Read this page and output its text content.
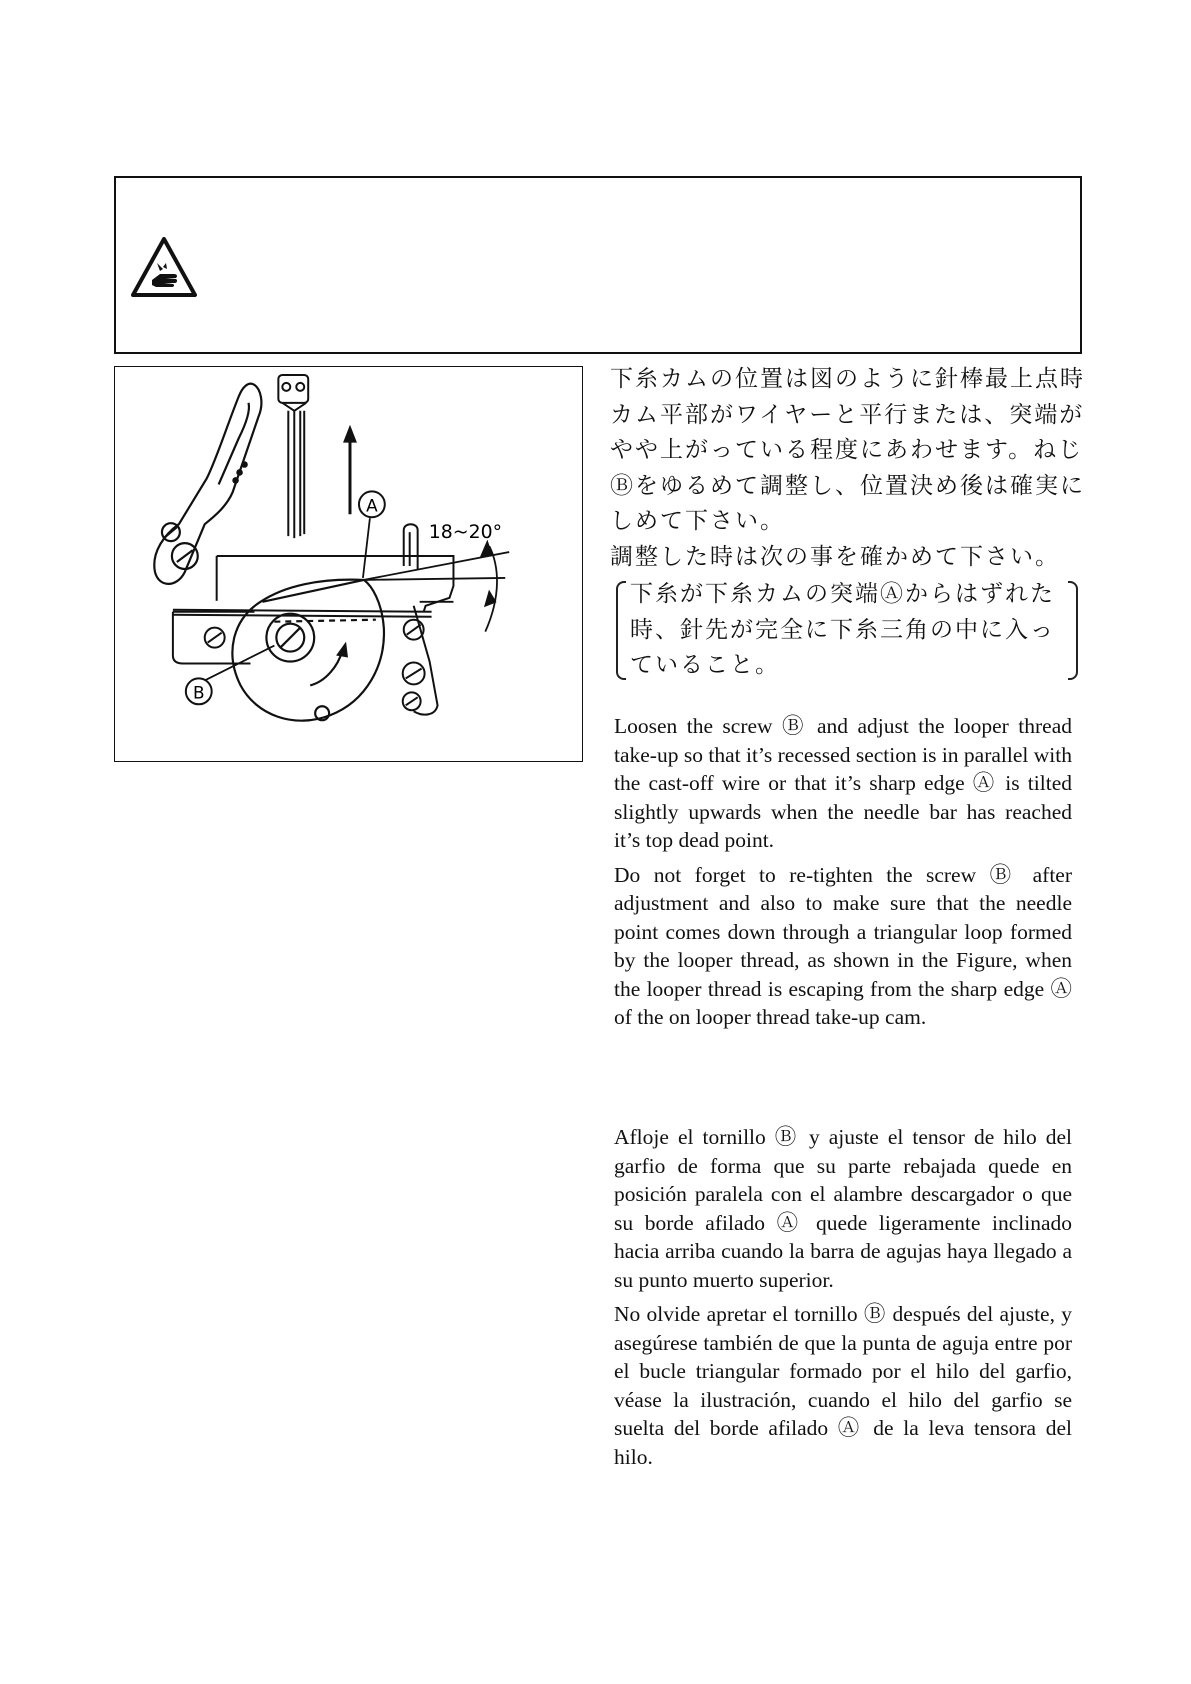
A
B
18~20°

下糸カムの位置は図のように針棒最上点時カム平部がワイヤーと平行または、突端がやや上がっている程度にあわせます。ねじⒷをゆるめて調整し、位置決め後は確実にしめて下さい。

調整した時は次の事を確かめて下さい。

下糸が下糸カムの突端Ⓐからはずれた時、針先が完全に下糸三角の中に入っていること。

Loosen the screw Ⓑ and adjust the looper thread take-up so that it’s recessed section is in parallel with the cast-off wire or that it’s sharp edge Ⓐ is tilted slightly upwards when the needle bar has reached it’s top dead point.

Do not forget to re-tighten the screw Ⓑ after adjustment and also to make sure that the needle point comes down through a triangular loop formed by the looper thread, as shown in the Figure, when the looper thread is escaping from the sharp edge Ⓐ of the on looper thread take-up cam.

Afloje el tornillo Ⓑ y ajuste el tensor de hilo del garfio de forma que su parte rebajada quede en posición paralela con el alambre descargador o que su borde afilado Ⓐ quede ligeramente inclinado hacia arriba cuando la barra de agujas haya llegado a su punto muerto superior.

No olvide apretar el tornillo Ⓑ después del ajuste, y asegúrese también de que la punta de aguja entre por el bucle triangular formado por el hilo del garfio, véase la ilustración, cuando el hilo del garfio se suelta del borde afilado Ⓐ de la leva tensora del hilo.
